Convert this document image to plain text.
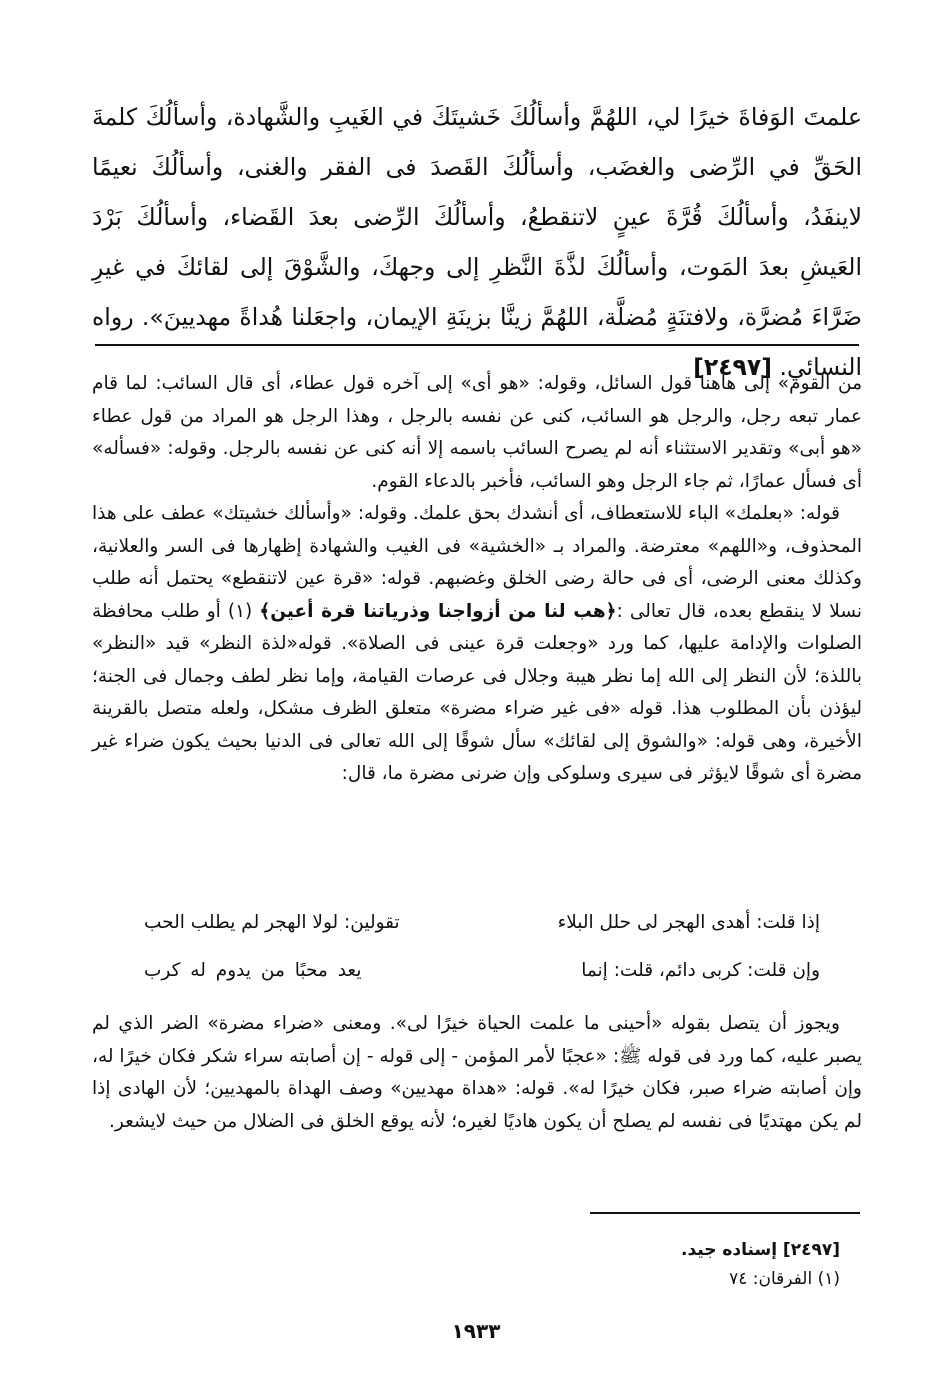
علمتَ الوَفاةَ خيرًا لي، اللهُمَّ وأسألُكَ خَشيتَكَ في الغَيبِ والشَّهادة، وأسألُكَ كلمةَ الحَقِّ في الرِّضى والغضَب، وأسألُكَ القَصدَ فى الفقر والغنى، وأسألُكَ نعيمًا لاينفَدُ، وأسألُكَ قُرَّةَ عينٍ لاتنقطعُ، وأسألُكَ الرِّضى بعدَ القَضاء، وأسألُكَ بَرْدَ العَيشِ بعدَ المَوت، وأسألُكَ لذَّةَ النَّظرِ إلى وجهكَ، والشَّوْقَ إلى لقائكَ في غيرِ ضَرَّاءَ مُضرَّة، ولافتنَةٍ مُضلَّة، اللهُمَّ زينَّا بزينَةِ الإيمان، واجعَلنا هُداةً مهديينَ». رواه النسائي. [٢٤٩٧]

من القوم» إلى هاهنا قول السائل، وقوله: «هو أى» إلى آخره قول عطاء، أى قال السائب: لما قام عمار تبعه رجل، والرجل هو السائب، كنى عن نفسه بالرجل ، وهذا الرجل هو المراد من قول عطاء «هو أبى» وتقدير الاستثناء أنه لم يصرح السائب باسمه إلا أنه كنى عن نفسه بالرجل. وقوله: «فسأله» أى فسأل عمارًا، ثم جاء الرجل وهو السائب، فأخبر بالدعاء القوم.

قوله: «بعلمك» الباء للاستعطاف، أى أنشدك بحق علمك. وقوله: «وأسألك خشيتك» عطف على هذا المحذوف، و«اللهم» معترضة. والمراد بـ «الخشية» فى الغيب والشهادة إظهارها فى السر والعلانية، وكذلك معنى الرضى، أى فى حالة رضى الخلق وغضبهم. قوله: «قرة عين لاتنقطع» يحتمل أنه طلب نسلا لا ينقطع بعده، قال تعالى :﴿هب لنا من أزواجنا وذرياتنا قرة أعين﴾ (١) أو طلب محافظة الصلوات والإدامة عليها، كما ورد «وجعلت قرة عينى فى الصلاة». قوله«لذة النظر» قيد «النظر» باللذة؛ لأن النظر إلى الله إما نظر هيبة وجلال فى عرصات القيامة، وإما نظر لطف وجمال فى الجنة؛ ليؤذن بأن المطلوب هذا. قوله «فى غير ضراء مضرة» متعلق الظرف مشكل، ولعله متصل بالقرينة الأخيرة، وهى قوله: «والشوق إلى لقائك» سأل شوقًا إلى الله تعالى فى الدنيا بحيث يكون ضراء غير مضرة أى شوقًا لايؤثر فى سيرى وسلوكى وإن ضرنى مضرة ما، قال:

إذا قلت: أهدى الهجر لى حلل البلاء
تقولين: لولا الهجر لم يطلب الحب
وإن قلت: كربى دائم، قلت: إنما
يعد محبًا من يدوم له كرب

ويجوز أن يتصل بقوله «أحينى ما علمت الحياة خيرًا لى». ومعنى «ضراء مضرة» الضر الذي لم يصبر عليه، كما ورد فى قوله ﷺ: «عجبًا لأمر المؤمن - إلى قوله - إن أصابته سراء شكر فكان خيرًا له، وإن أصابته ضراء صبر، فكان خيرًا له». قوله: «هداة مهديين» وصف الهداة بالمهديين؛ لأن الهادى إذا لم يكن مهتديًا فى نفسه لم يصلح أن يكون هاديًا لغيره؛ لأنه يوقع الخلق فى الضلال من حيث لايشعر.

[٢٤٩٧] إسناده جيد.
(١) الفرقان: ٧٤
١٩٣٣
